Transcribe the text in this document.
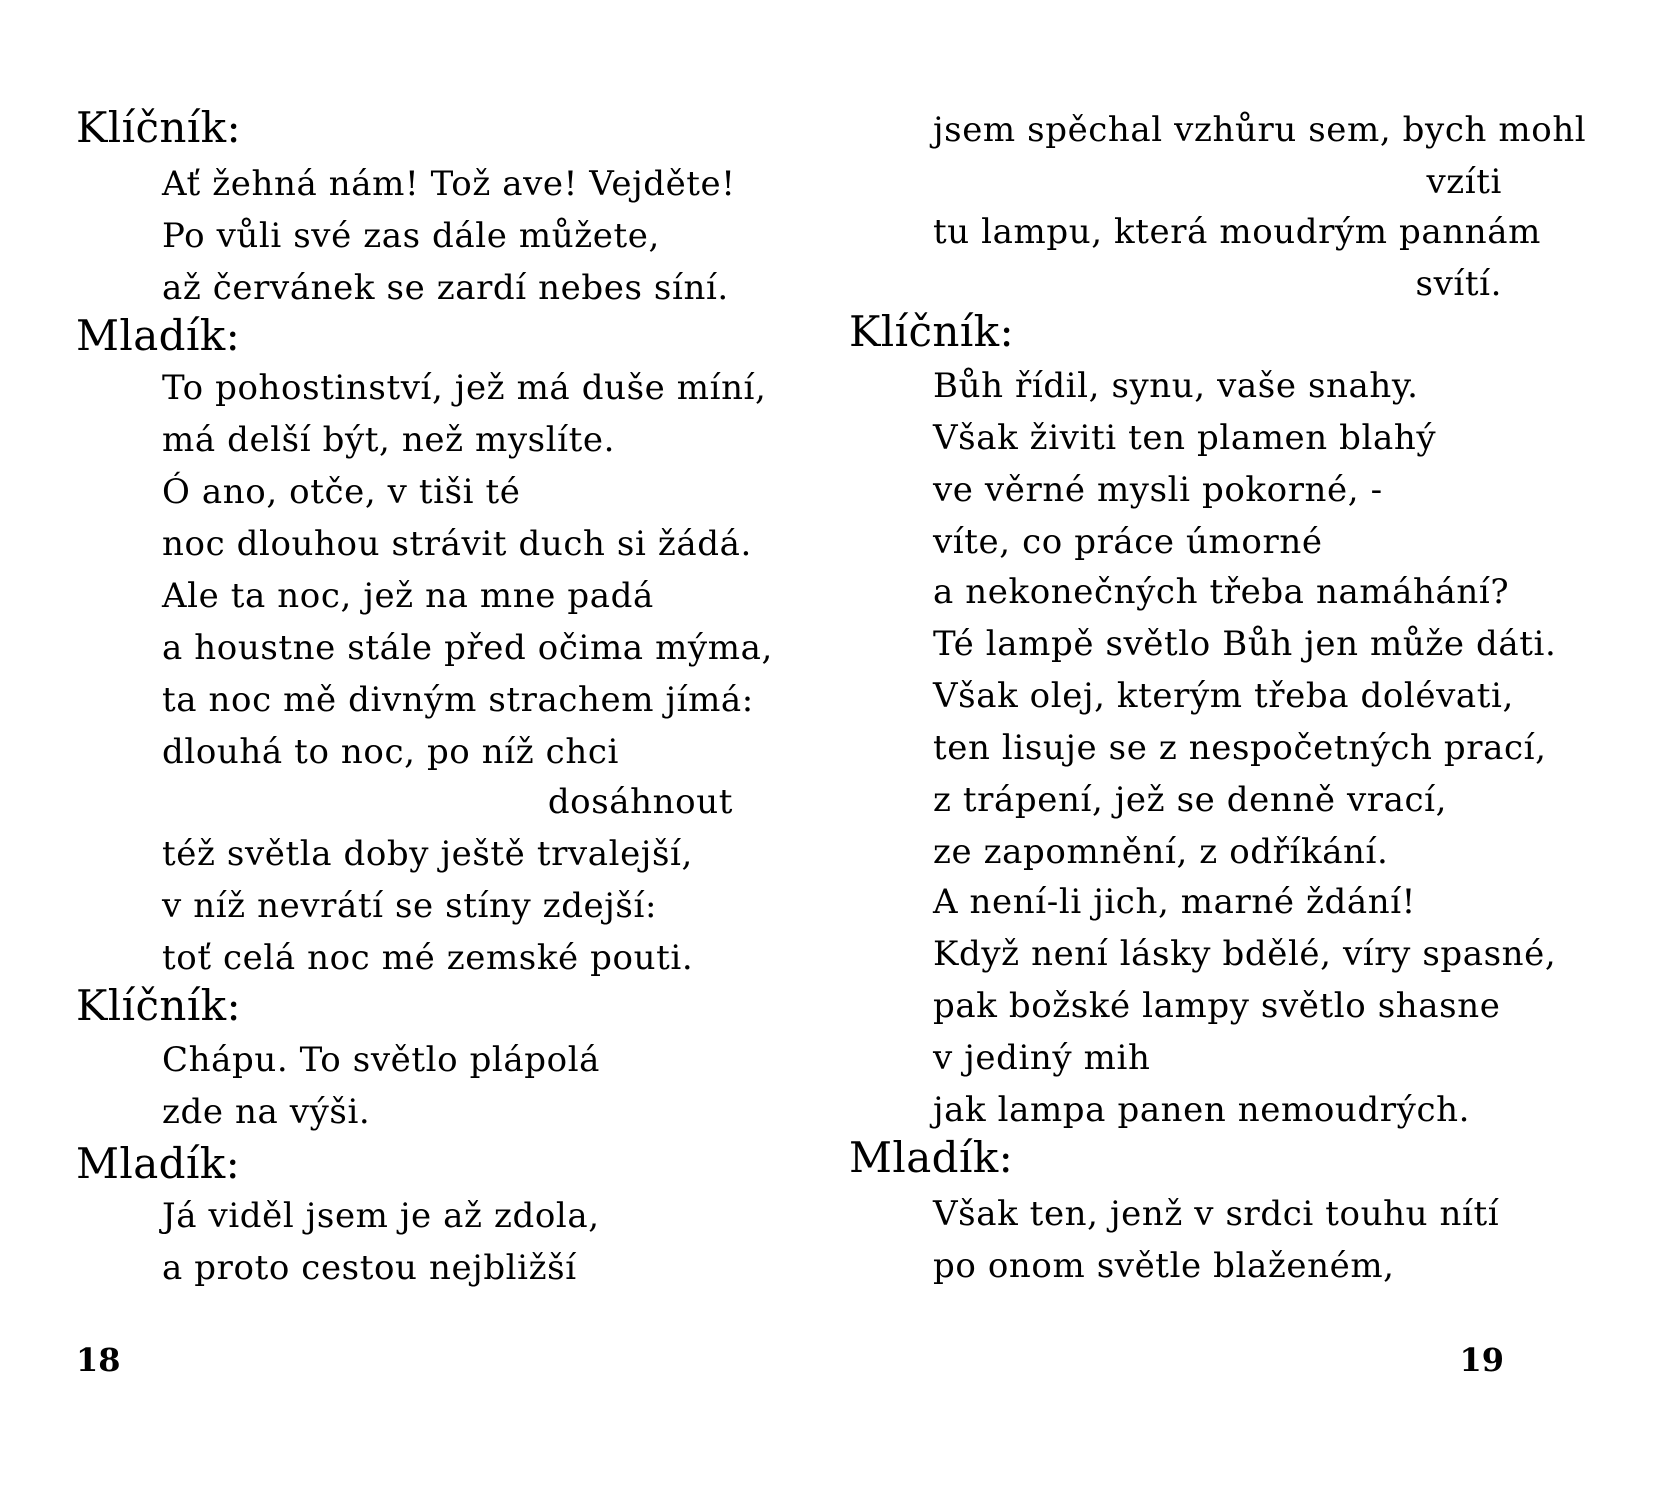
Klíčník:
Ať žehná nám! Tož ave! Vejděte!
Po vůli své zas dále můžete,
až červánek se zardí nebes síní.
Mladík:
To pohostinství, jež má duše míní,
má delší být, než myslíte.
Ó ano, otče, v tiši té
noc dlouhou strávit duch si žádá.
Ale ta noc, jež na mne padá
a houstne stále před očima mýma,
ta noc mě divným strachem jímá:
dlouhá to noc, po níž chci
dosáhnout
též světla doby ještě trvalejší,
v níž nevrátí se stíny zdejší:
toť celá noc mé zemské pouti.
Klíčník:
Chápu. To světlo plápolá
zde na výši.
Mladík:
Já viděl jsem je až zdola,
a proto cestou nejbližší
18
jsem spěchal vzhůru sem, bych mohl
vzíti
tu lampu, která moudrým pannám
svítí.
Klíčník:
Bůh řídil, synu, vaše snahy.
Však živiti ten plamen blahý
ve věrné mysli pokorné, -
víte, co práce úmorné
a nekonečných třeba namáhání?
Té lampě světlo Bůh jen může dáti.
Však olej, kterým třeba dolévati,
ten lisuje se z nespočetných prací,
z trápení, jež se denně vrací,
ze zapomnění, z odříkání.
A není-li jich, marné ždání!
Když není lásky bdělé, víry spasné,
pak božské lampy světlo shasne
v jediný mih
jak lampa panen nemoudrých.
Mladík:
Však ten, jenž v srdci touhu nítí
po onom světle blaženém,
19
